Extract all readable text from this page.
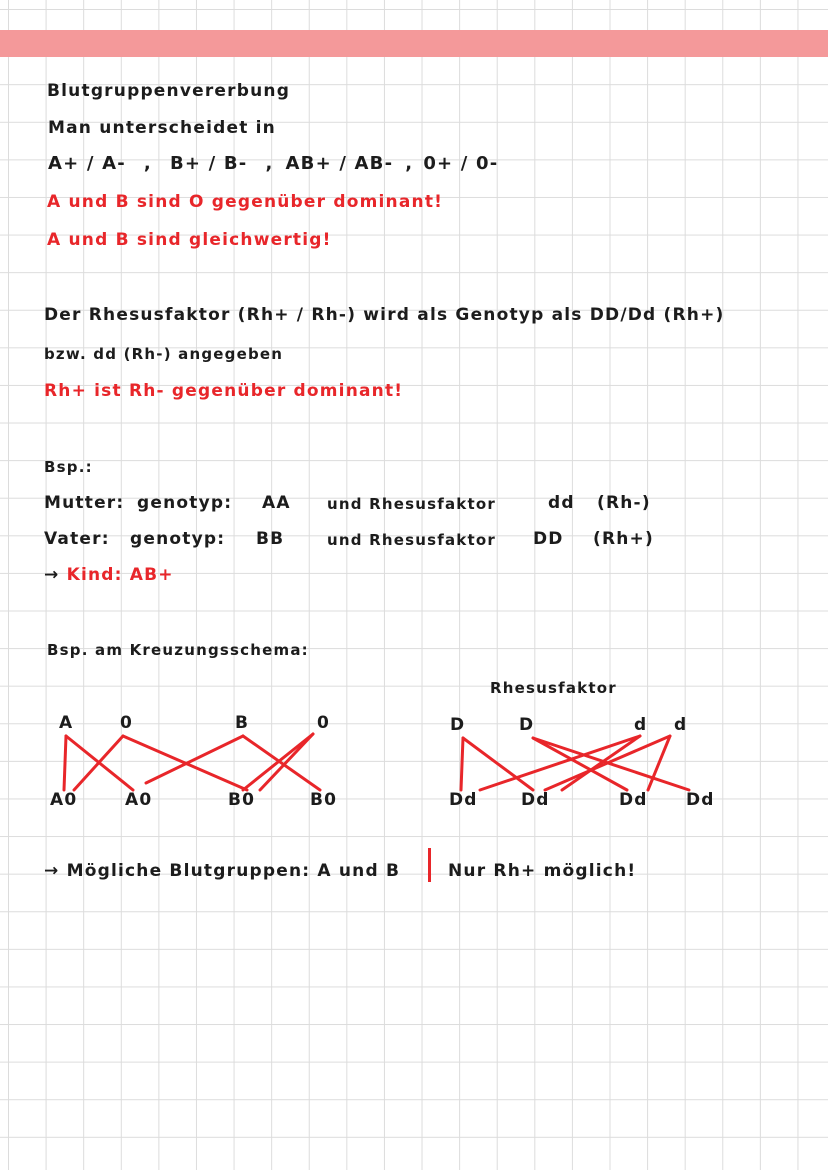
Blutgruppenvererbung
Man unterscheidet in
A+ / A- , B+ / B- , AB+ / AB- , 0+ / 0-
A und B sind O gegenüber dominant!
A und B sind gleichwertig!
Der Rhesusfaktor (Rh+ / Rh-) wird als Genotyp als DD/Dd (Rh+)
bzw. dd (Rh-) angegeben
Rh+ ist Rh- gegenüber dominant!
Bsp.:
Mutter: genotyp: AA und Rhesusfaktor	dd (Rh-)
Vater: genotyp: BB	und Rhesusfaktor DD (Rh+)
→ Kind: AB+
Bsp. am Kreuzungsschema:
Rhesusfaktor
A	0	B	0
A0	A0	B0	B0
D	D	d d
Dd	Dd	Dd Dd
→ Mögliche Blutgruppen: A und B	Nur Rh+ möglich!
